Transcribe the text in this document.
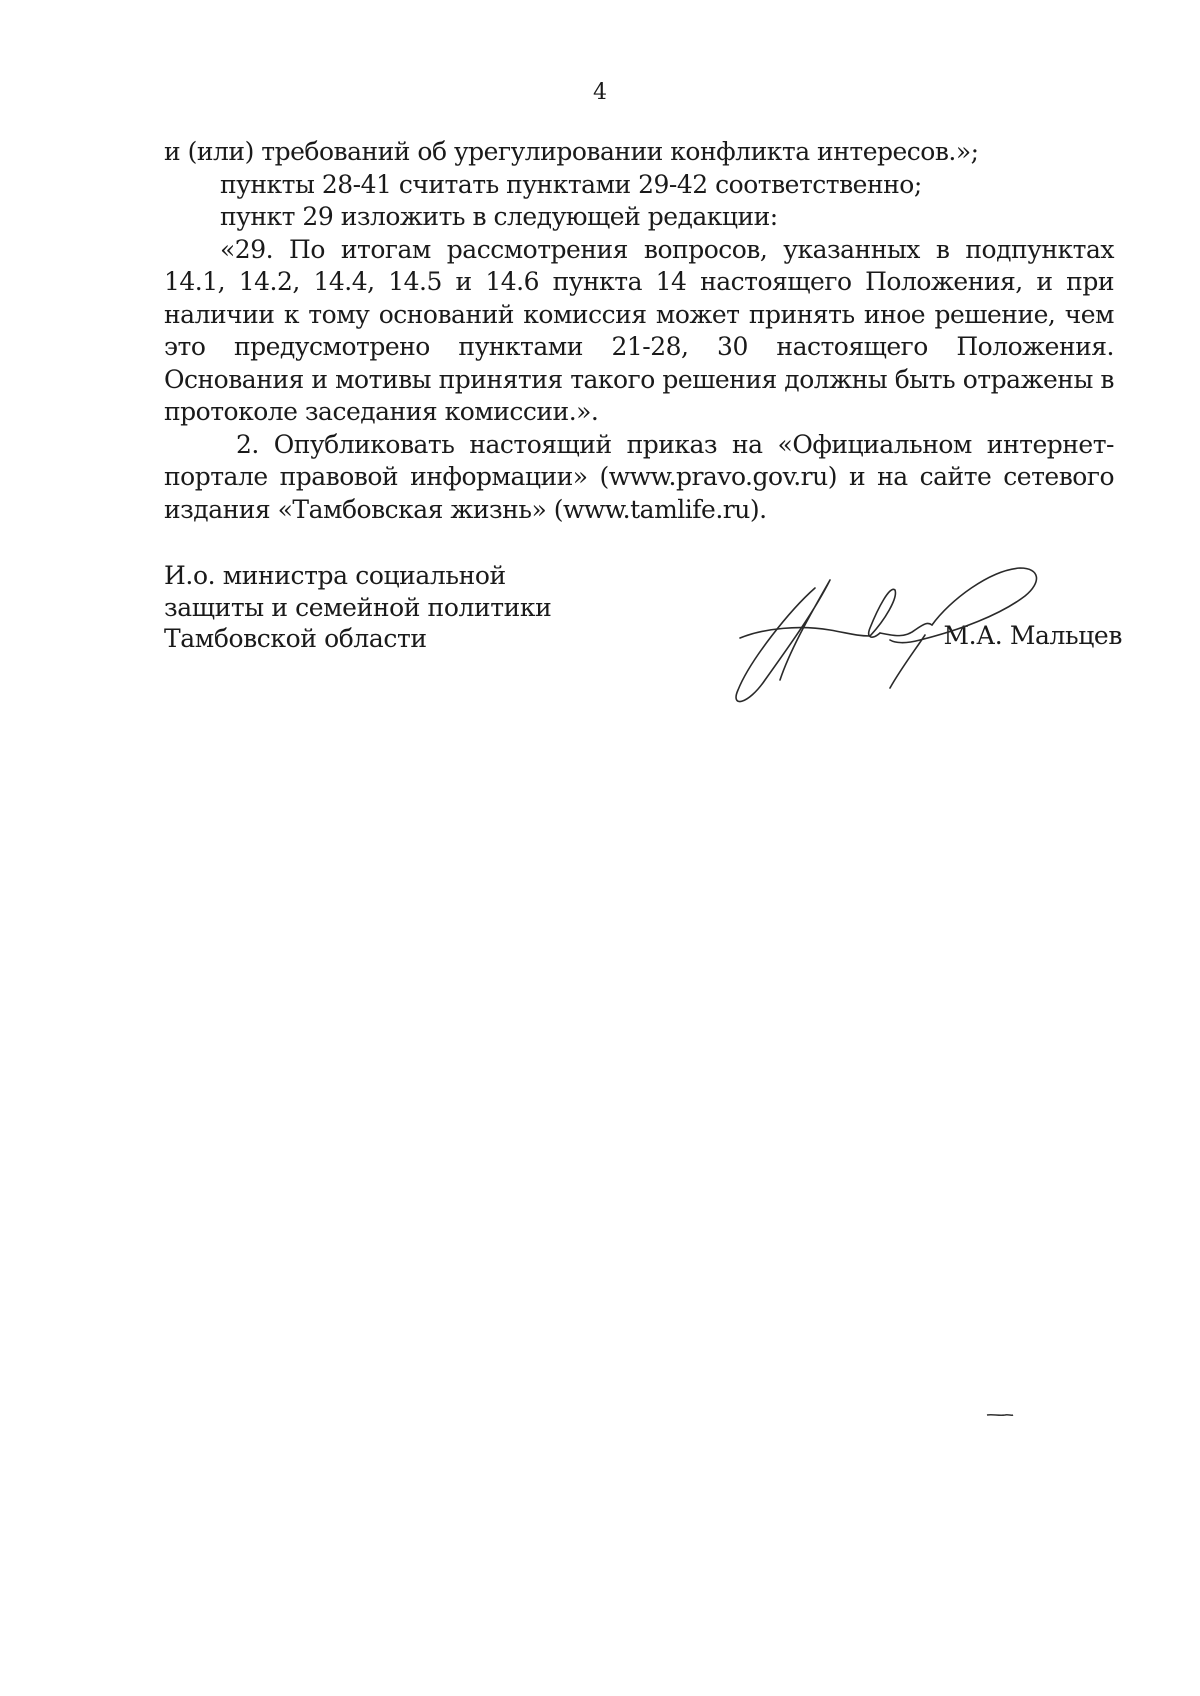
4

и (или) требований об урегулировании конфликта интересов.»;

пункты 28-41 считать пунктами 29-42 соответственно;

пункт 29 изложить в следующей редакции:

«29. По итогам рассмотрения вопросов, указанных в подпунктах 14.1, 14.2, 14.4, 14.5 и 14.6 пункта 14 настоящего Положения, и при наличии к тому оснований комиссия может принять иное решение, чем это предусмотрено пунктами 21-28, 30 настоящего Положения. Основания и мотивы принятия такого решения должны быть отражены в протоколе заседания комиссии.».

2. Опубликовать настоящий приказ на «Официальном интернет-портале правовой информации» (www.pravo.gov.ru) и на сайте сетевого издания «Тамбовская жизнь» (www.tamlife.ru).

И.о. министра социальной
защиты и семейной политики
Тамбовской области	М.А. Мальцев
